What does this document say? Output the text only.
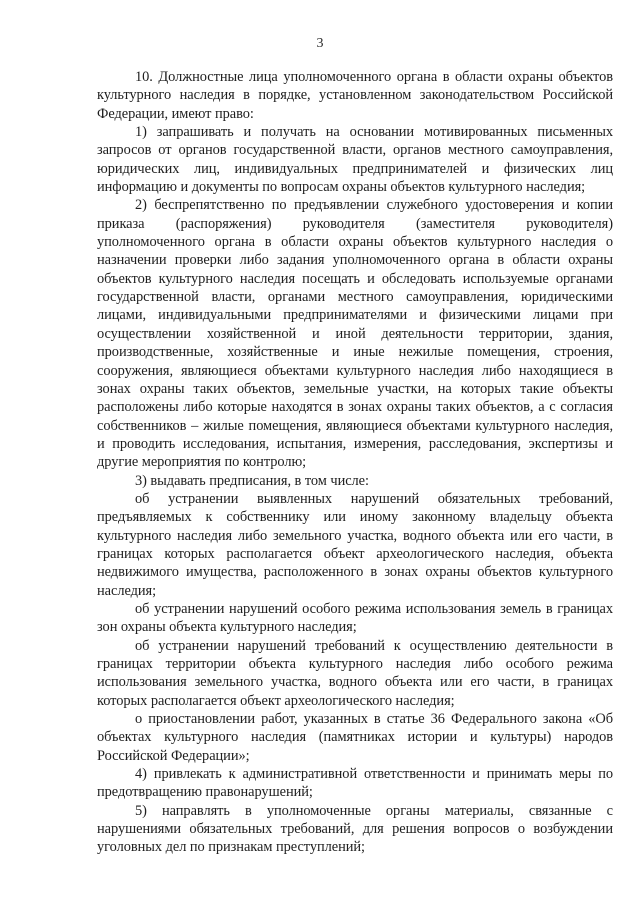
3

10. Должностные лица уполномоченного органа в области охраны объектов культурного наследия в порядке, установленном законодательством Российской Федерации, имеют право:

1) запрашивать и получать на основании мотивированных письменных запросов от органов государственной власти, органов местного самоуправления, юридических лиц, индивидуальных предпринимателей и физических лиц информацию и документы по вопросам охраны объектов культурного наследия;

2) беспрепятственно по предъявлении служебного удостоверения и копии приказа (распоряжения) руководителя (заместителя руководителя) уполномоченного органа в области охраны объектов культурного наследия о назначении проверки либо задания уполномоченного органа в области охраны объектов культурного наследия посещать и обследовать используемые органами государственной власти, органами местного самоуправления, юридическими лицами, индивидуальными предпринимателями и физическими лицами при осуществлении хозяйственной и иной деятельности территории, здания, производственные, хозяйственные и иные нежилые помещения, строения, сооружения, являющиеся объектами культурного наследия либо находящиеся в зонах охраны таких объектов, земельные участки, на которых такие объекты расположены либо которые находятся в зонах охраны таких объектов, а с согласия собственников – жилые помещения, являющиеся объектами культурного наследия, и проводить исследования, испытания, измерения, расследования, экспертизы и другие мероприятия по контролю;

3) выдавать предписания, в том числе:

об устранении выявленных нарушений обязательных требований, предъявляемых к собственнику или иному законному владельцу объекта культурного наследия либо земельного участка, водного объекта или его части, в границах которых располагается объект археологического наследия, объекта недвижимого имущества, расположенного в зонах охраны объектов культурного наследия;

об устранении нарушений особого режима использования земель в границах зон охраны объекта культурного наследия;

об устранении нарушений требований к осуществлению деятельности в границах территории объекта культурного наследия либо особого режима использования земельного участка, водного объекта или его части, в границах которых располагается объект археологического наследия;

о приостановлении работ, указанных в статье 36 Федерального закона «Об объектах культурного наследия (памятниках истории и культуры) народов Российской Федерации»;

4) привлекать к административной ответственности и принимать меры по предотвращению правонарушений;

5) направлять в уполномоченные органы материалы, связанные с нарушениями обязательных требований, для решения вопросов о возбуждении уголовных дел по признакам преступлений;
